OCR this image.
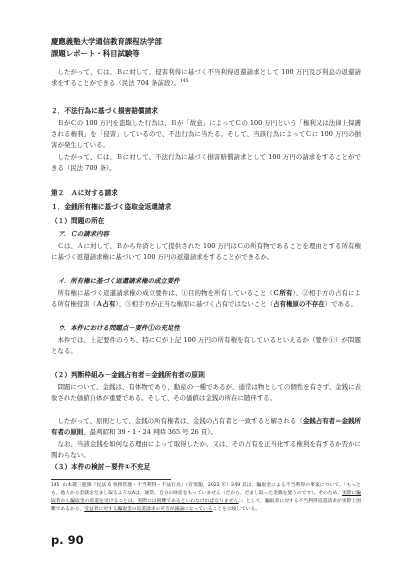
慶應義塾大学通信教育課程法学部
課題レポート・科目試験等
したがって、Ｃは、Ｂに対して、侵害利得に基づく不当利得返還請求として 100 万円及び利息の返還請求をすることができる（民法 704 条前段）。$^{145}$
２．不法行為に基づく損害賠償請求
ＢがＣの 100 万円を盗取した行為は、Ｂが「故意」によってＣの 100 万円という「権利又は法律上保護される権利」を「侵害」しているので、不法行為に当たる。そして、当該行為によってＣに 100 万円の損害が発生している。
したがって、Ｃは、Ｂに対して、不法行為に基づく損害賠償請求として 100 万円の請求をすることができる（民法 709 条）。
第２　Ａに対する請求
１．金銭所有権に基づく盗取金返還請求
（１）問題の所在
ア．Ｃの請求内容
Ｃは、Ａに対して、Ｂから弁済として提供された 100 万円はＣの所有物であることを理由とする所有権に基づく返還請求権に基づいて 100 万円の返還請求をすることができるか。
イ．所有権に基づく返還請求権の成立要件
所有権に基づく返還請求権の成立要件は、①目的物を所有していること（Ｃ所有）、②相手方の占有による所有権侵害（Ａ占有）、③相手方が正当な権原に基づく占有ではないこと（占有権原の不存在）である。
ウ．本件における問題点－要件①の充足性
本件では、上記要件のうち、特にＣが上記 100 万円の所有権を有しているといえるか（要件①）が問題となる。
（２）判断枠組み－金銭占有者＝金銭所有者の原則
問題について、金銭は、有体物であり、動産の一種であるが、通常は物としての個性を有さず、金銭に表象された価値自体が重要である。そして、その価値は金銭の所在に随伴する。
したがって、原則として、金銭の所有権者は、金銭の占有者と一致すると解される（金銭占有者＝金銭所有者の原則、最判昭和 39・1・24 判時 365 号 26 頁）。
なお、当該金銭を如何なる理由によって取得したか、又は、その占有を正当化する権利を有するか否かに関わらない。
（３）本件の検討－要件①不充足
145 山本敬三監修『民法 6 事務管理・不当利得・不法行為』（有斐閣，2022 年）249 頁は，騙取金による不当利得の事案について，「もっとも，他人から金銭をだまし取るようなAは，通常，自分の財産をもっていません（だから，だまし取った金銭を使うのです）。そのため，実際に騙取者から騙取金の返還を受けることは，実際には困難であるといわなければなりません。」として，騙取者に対する不当利得返還請求が実際上困難であるから，受益者に対する騙取金の返還請求の可否が議論になっていることを示唆している。
p. 90
